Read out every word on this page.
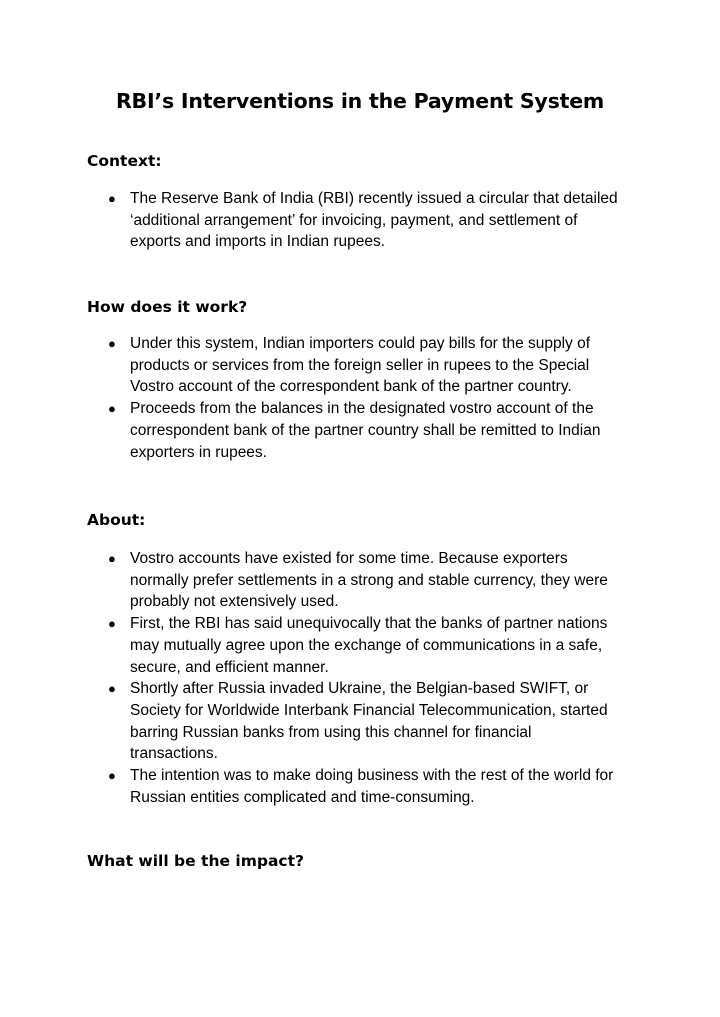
RBI’s Interventions in the Payment System
Context:
● The Reserve Bank of India (RBI) recently issued a circular that detailed
‘additional arrangement’ for invoicing, payment, and settlement of
exports and imports in Indian rupees.
How does it work?
● Under this system, Indian importers could pay bills for the supply of
products or services from the foreign seller in rupees to the Special
Vostro account of the correspondent bank of the partner country.
● Proceeds from the balances in the designated vostro account of the
correspondent bank of the partner country shall be remitted to Indian
exporters in rupees.
About:
● Vostro accounts have existed for some time. Because exporters
normally prefer settlements in a strong and stable currency, they were
probably not extensively used.
● First, the RBI has said unequivocally that the banks of partner nations
may mutually agree upon the exchange of communications in a safe,
secure, and efficient manner.
● Shortly after Russia invaded Ukraine, the Belgian-based SWIFT, or
Society for Worldwide Interbank Financial Telecommunication, started
barring Russian banks from using this channel for financial
transactions.
● The intention was to make doing business with the rest of the world for
Russian entities complicated and time-consuming.
What will be the impact?
